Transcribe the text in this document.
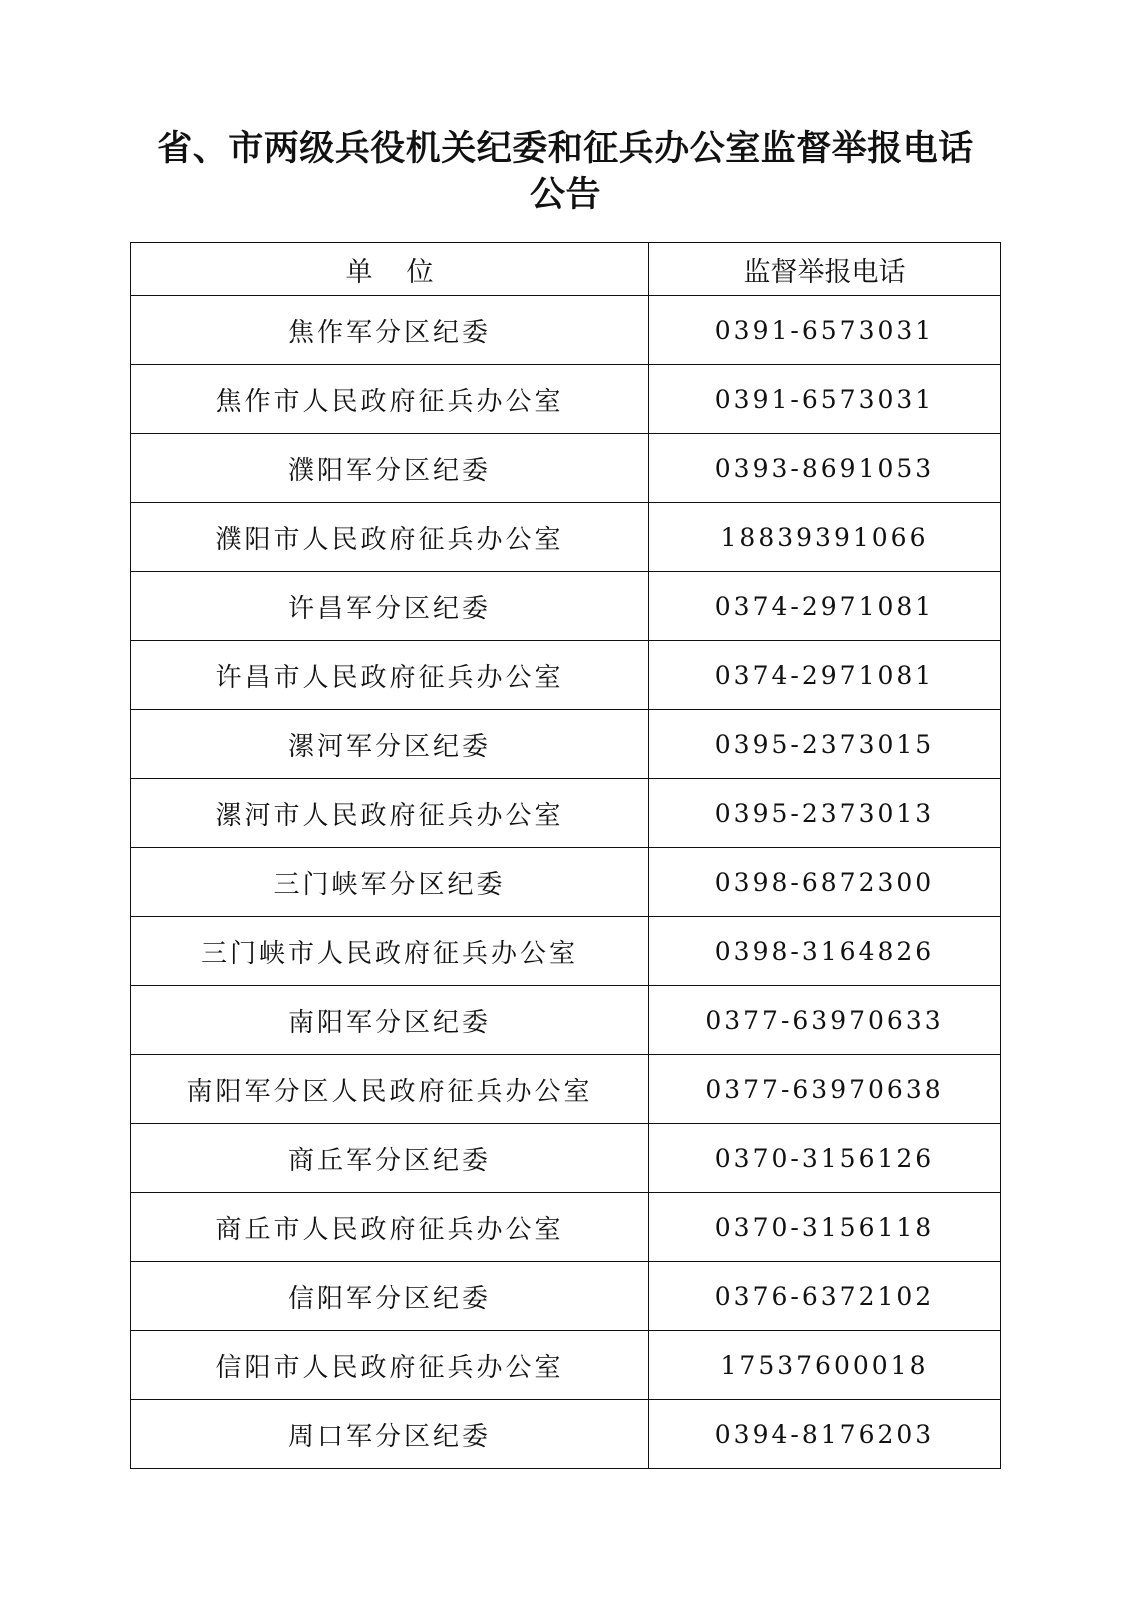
省、市两级兵役机关纪委和征兵办公室监督举报电话
公告
单位	监督举报电话
焦作军分区纪委	0391-6573031
焦作市人民政府征兵办公室	0391-6573031
濮阳军分区纪委	0393-8691053
濮阳市人民政府征兵办公室	18839391066
许昌军分区纪委	0374-2971081
许昌市人民政府征兵办公室	0374-2971081
漯河军分区纪委	0395-2373015
漯河市人民政府征兵办公室	0395-2373013
三门峡军分区纪委	0398-6872300
三门峡市人民政府征兵办公室	0398-3164826
南阳军分区纪委	0377-63970633
南阳军分区人民政府征兵办公室	0377-63970638
商丘军分区纪委	0370-3156126
商丘市人民政府征兵办公室	0370-3156118
信阳军分区纪委	0376-6372102
信阳市人民政府征兵办公室	17537600018
周口军分区纪委	0394-8176203
